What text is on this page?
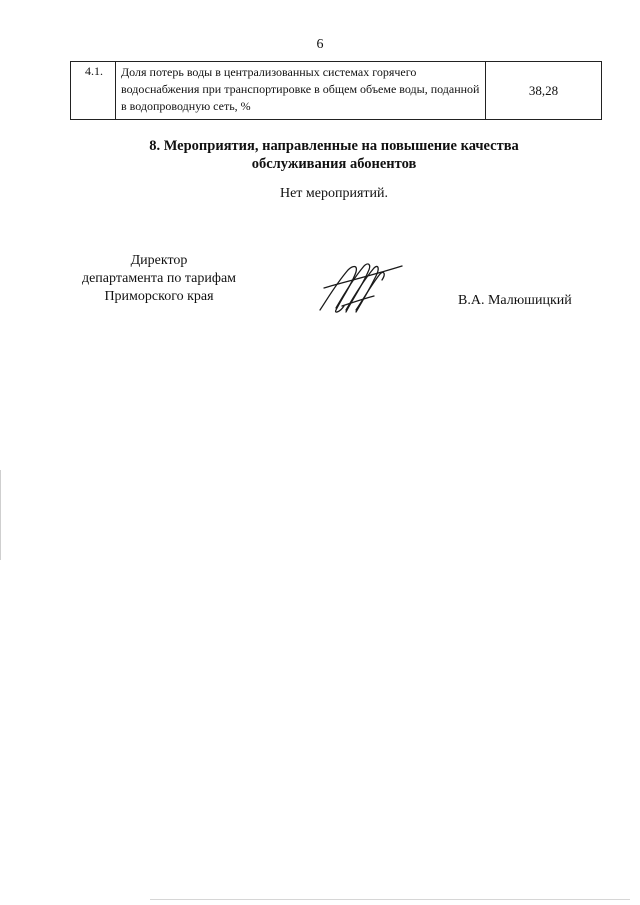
6
4.1.	Доля потерь воды в централизованных системах горячего водоснабжения при транспортировке в общем объеме воды, поданной в водопроводную сеть, %	38,28
8. Мероприятия, направленные на повышение качества
обслуживания абонентов

Нет мероприятий.

Директор
департамента по тарифам
Приморского края	В.А. Малюшицкий
